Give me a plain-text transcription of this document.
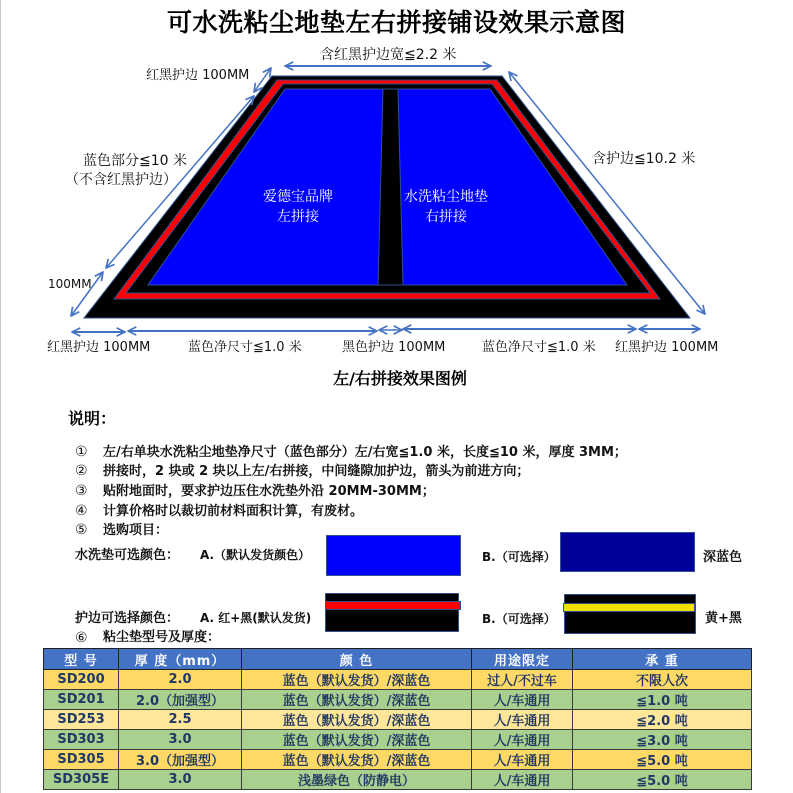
可水洗粘尘地垫左右拼接铺设效果示意图
含红黑护边宽≦2.2 米
红黑护边 100MM
蓝色部分≦10 米
（不含红黑护边）
100MM
含护边≦10.2 米
爱德宝品牌
左拼接
水洗粘尘地垫
右拼接
红黑护边 100MM	蓝色净尺寸≦1.0 米	黑色护边 100MM	蓝色净尺寸≦1.0 米 红黑护边 100MM
左/右拼接效果图例
说明：
① 左/右单块水洗粘尘地垫净尺寸（蓝色部分）左/右宽≦1.0 米，长度≦10 米，厚度 3MM；
② 拼接时，2 块或 2 块以上左/右拼接，中间缝隙加护边，箭头为前进方向；
③ 贴附地面时，要求护边压住水洗垫外沿 20MM-30MM；
④ 计算价格时以裁切前材料面积计算，有废材。
⑤ 选购项目：
水洗垫可选颜色： A.（默认发货颜色）	B.（可选择）	深蓝色
护边可选择颜色： A. 红+黑(默认发货)	B.（可选择）	黄+黑
⑥ 粘尘垫型号及厚度：
型 号	厚 度（mm）	颜 色	用途限定	承 重
SD200	2.0	蓝色（默认发货）/深蓝色	过人/不过车	不限人次
SD201	2.0（加强型）	蓝色（默认发货）/深蓝色	人/车通用	≦1.0 吨
SD253	2.5	蓝色（默认发货）/深蓝色	人/车通用	≦2.0 吨
SD303	3.0	蓝色（默认发货）/深蓝色	人/车通用	≦3.0 吨
SD305	3.0（加强型）	蓝色（默认发货）/深蓝色	人/车通用	≦5.0 吨
SD305E	3.0	浅墨绿色（防静电）	人/车通用	≦5.0 吨
